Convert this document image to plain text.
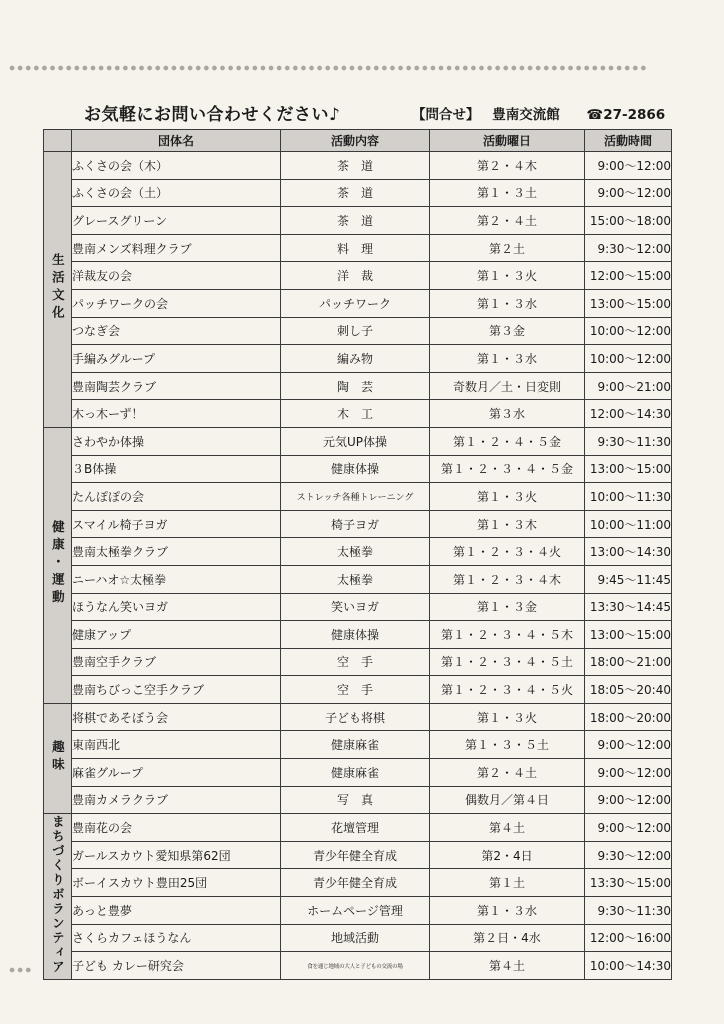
お気軽にお問い合わせください♪	【問合せ】 豊南交流館 ☎27-2866
	団体名	活動内容	活動曜日	活動時間
生活文化	ふくさの会（木）	茶　道	第２・４木	9:00～12:00
	ふくさの会（土）	茶　道	第１・３土	9:00～12:00
	グレースグリーン	茶　道	第２・４土	15:00～18:00
	豊南メンズ料理クラブ	料　理	第２土	9:30～12:00
	洋裁友の会	洋　裁	第１・３火	12:00～15:00
	パッチワークの会	パッチワーク	第１・３水	13:00～15:00
	つなぎ会	刺し子	第３金	10:00～12:00
	手編みグループ	編み物	第１・３水	10:00～12:00
	豊南陶芸クラブ	陶　芸	奇数月／土・日変則	9:00～21:00
	木っ木ーず！	木　工	第３水	12:00～14:30
健康・運動	さわやか体操	元気UP体操	第１・２・４・５金	9:30～11:30
	３B体操	健康体操	第１・２・３・４・５金	13:00～15:00
	たんぽぽの会	ストレッチ各種トレーニング	第１・３火	10:00～11:30
	スマイル椅子ヨガ	椅子ヨガ	第１・３木	10:00～11:00
	豊南太極拳クラブ	太極拳	第１・２・３・４火	13:00～14:30
	ニーハオ☆太極拳	太極拳	第１・２・３・４木	9:45～11:45
	ほうなん笑いヨガ	笑いヨガ	第１・３金	13:30～14:45
	健康アップ	健康体操	第１・２・３・４・５木	13:00～15:00
	豊南空手クラブ	空　手	第１・２・３・４・５土	18:00～21:00
	豊南ちびっこ空手クラブ	空　手	第１・２・３・４・５火	18:05～20:40
趣味	将棋であそぼう会	子ども将棋	第１・３火	18:00～20:00
	東南西北	健康麻雀	第１・３・５土	9:00～12:00
	麻雀グループ	健康麻雀	第２・４土	9:00～12:00
	豊南カメラクラブ	写　真	偶数月／第４日	9:00～12:00
まちづくりボランティア	豊南花の会	花壇管理	第４土	9:00～12:00
	ガールスカウト愛知県第62団	青少年健全育成	第2・4日	9:30～12:00
	ボーイスカウト豊田25団	青少年健全育成	第１土	13:30～15:00
	あっと豊夢	ホームページ管理	第１・３水	9:30～11:30
	さくらカフェほうなん	地域活動	第２日・4水	12:00～16:00
	子ども カレー研究会	食を通じ地域の大人と子どもの交流の場	第４土	10:00～14:30
